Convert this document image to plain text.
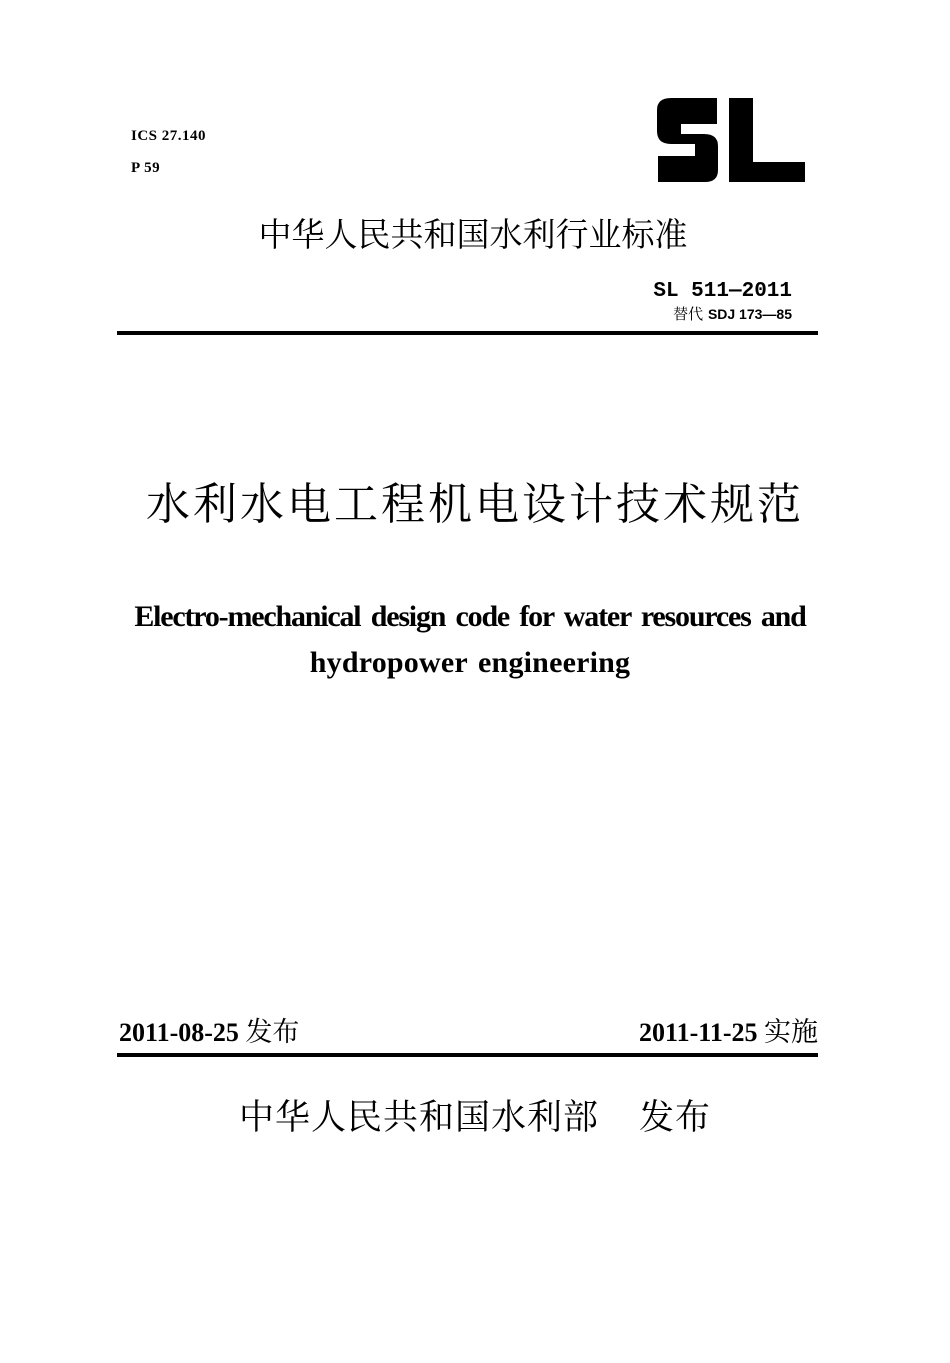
ICS 27.140
P 59
中华人民共和国水利行业标准
SL 511—2011
替代 SDJ 173—85
水利水电工程机电设计技术规范
Electro-mechanical design code for water resources and
hydropower engineering
2011-08-25 发布	2011-11-25 实施
中华人民共和国水利部 发布
